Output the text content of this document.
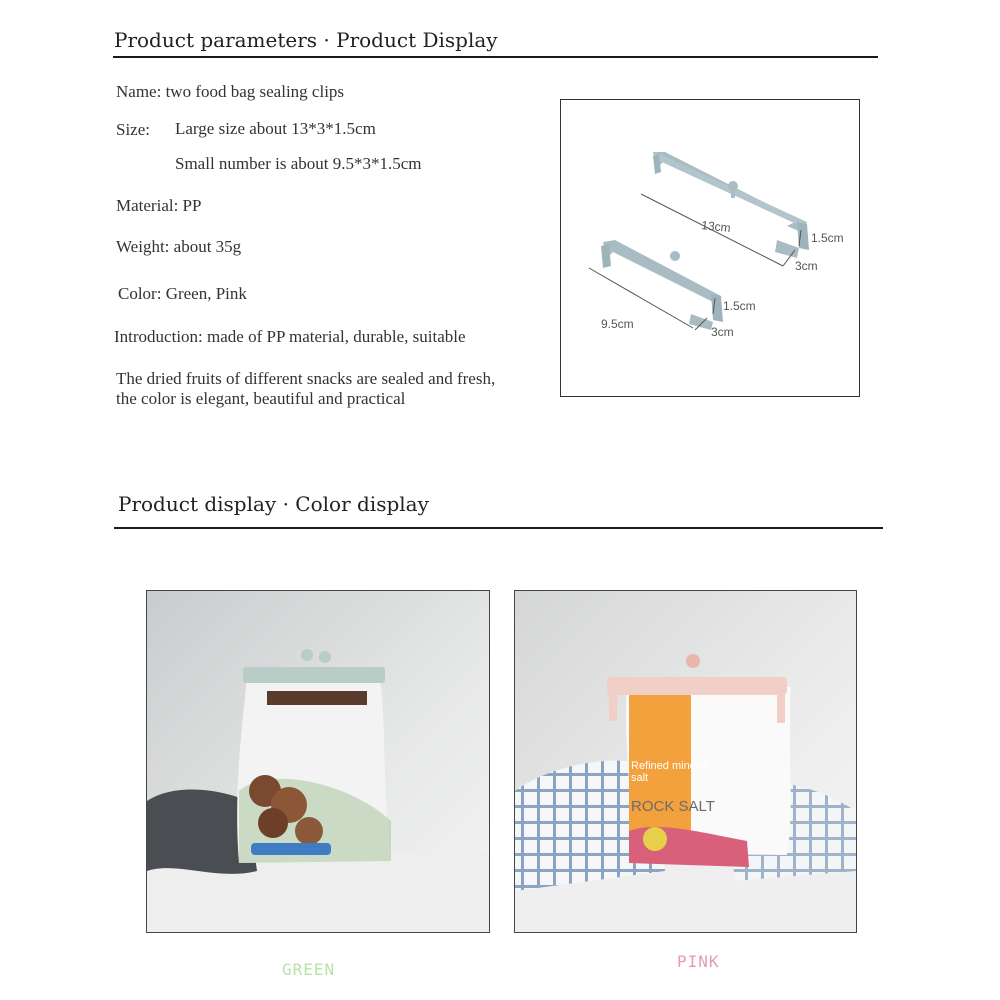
Product parameters · Product Display
Name: two food bag sealing clips
Size: Large size about 13*3*1.5cm
Small number is about 9.5*3*1.5cm
Material: PP
Weight: about 35g
Color: Green, Pink
Introduction: made of PP material, durable, suitable
The dried fruits of different snacks are sealed and fresh, the color is elegant, beautiful and practical
13cm
1.5cm
3cm
9.5cm
1.5cm
3cm
Product display · Color display
Refined mineral
salt
ROCK SALT
GREEN	PINK
